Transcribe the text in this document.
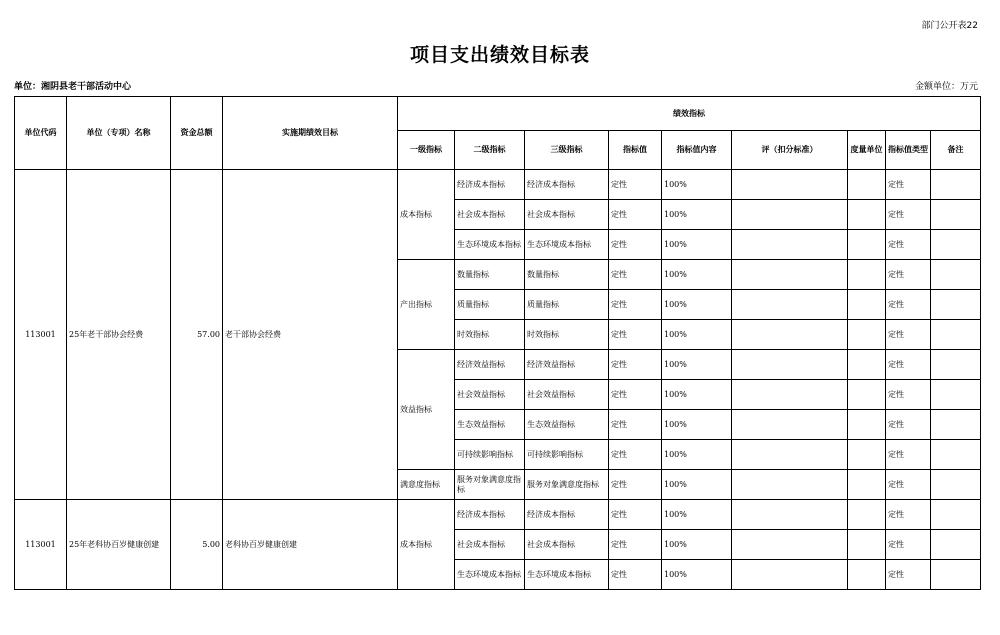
部门公开表22
项目支出绩效目标表
单位：湘阴县老干部活动中心	金额单位：万元
单位代码	单位（专项）名称	资金总额	实施期绩效目标	绩效指标								
				一级指标	二级指标	三级指标	指标值	指标值内容	评（扣分标准）	度量单位	指标值类型	备注
113001	25年老干部协会经费	57.00	老干部协会经费	成本指标	经济成本指标	经济成本指标	定性	100%			定性	
					社会成本指标	社会成本指标	定性	100%			定性	
					生态环境成本指标	生态环境成本指标	定性	100%			定性	
				产出指标	数量指标	数量指标	定性	100%			定性	
					质量指标	质量指标	定性	100%			定性	
					时效指标	时效指标	定性	100%			定性	
				效益指标	经济效益指标	经济效益指标	定性	100%			定性	
					社会效益指标	社会效益指标	定性	100%			定性	
					生态效益指标	生态效益指标	定性	100%			定性	
					可持续影响指标	可持续影响指标	定性	100%			定性	
				满意度指标	服务对象满意度指标	服务对象满意度指标	定性	100%			定性	
113001	25年老科协百岁健康创建	5.00	老科协百岁健康创建	成本指标	经济成本指标	经济成本指标	定性	100%			定性	
					社会成本指标	社会成本指标	定性	100%			定性	
					生态环境成本指标	生态环境成本指标	定性	100%			定性	
